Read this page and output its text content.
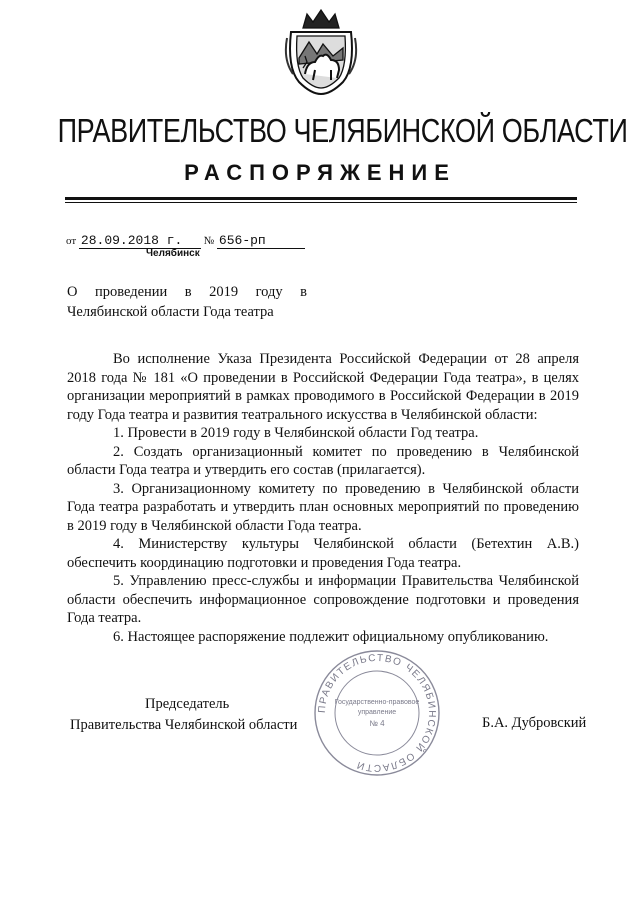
ПРАВИТЕЛЬСТВО ЧЕЛЯБИНСКОЙ ОБЛАСТИ
РАСПОРЯЖЕНИЕ
от 28.09.2018 г. № 656-рп
Челябинск
О проведении в 2019 году в
Челябинской области Года театра

Во исполнение Указа Президента Российской Федерации от 28 апреля 2018 года № 181 «О проведении в Российской Федерации Года театра», в целях организации мероприятий в рамках проводимого в Российской Федерации в 2019 году Года театра и развития театрального искусства в Челябинской области:

1. Провести в 2019 году в Челябинской области Год театра.

2. Создать организационный комитет по проведению в Челябинской области Года театра и утвердить его состав (прилагается).

3. Организационному комитету по проведению в Челябинской области Года театра разработать и утвердить план основных мероприятий по проведению в 2019 году в Челябинской области Года театра.

4. Министерству культуры Челябинской области (Бетехтин А.В.) обеспечить координацию подготовки и проведения Года театра.

5. Управлению пресс-службы и информации Правительства Челябинской области обеспечить информационное сопровождение подготовки и проведения Года театра.

6. Настоящее распоряжение подлежит официальному опубликованию.

ПРАВИТЕЛЬСТВО ЧЕЛЯБИНСКОЙ ОБЛАСТИ
Государственно-правовое
управление
№ 4
Председатель
Правительства Челябинской области	Б.А. Дубровский
